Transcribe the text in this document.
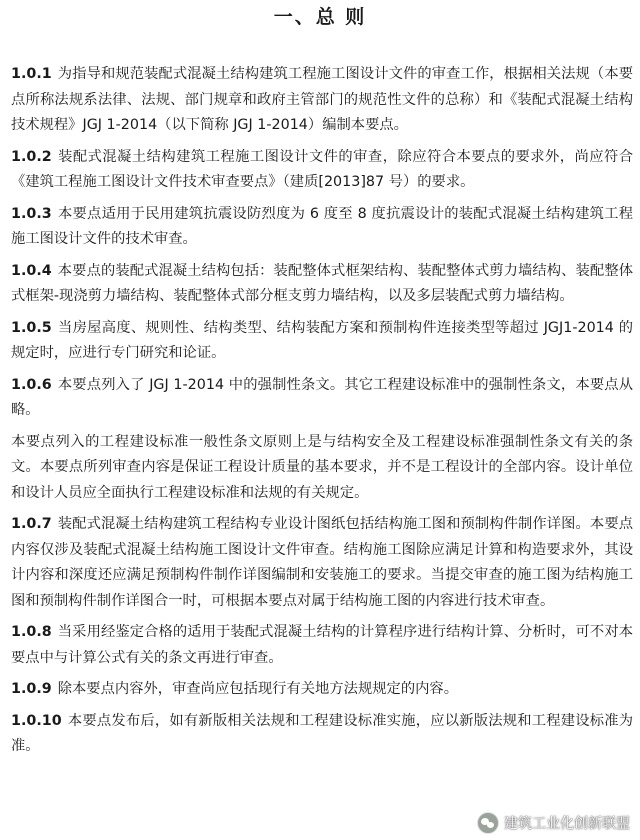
一、总 则

1.0.1 为指导和规范装配式混凝土结构建筑工程施工图设计文件的审查工作，根据相关法规（本要点所称法规系法律、法规、部门规章和政府主管部门的规范性文件的总称）和《装配式混凝土结构技术规程》JGJ 1-2014（以下简称 JGJ 1-2014）编制本要点。

1.0.2 装配式混凝土结构建筑工程施工图设计文件的审查，除应符合本要点的要求外，尚应符合《建筑工程施工图设计文件技术审查要点》（建质[2013]87 号）的要求。

1.0.3 本要点适用于民用建筑抗震设防烈度为 6 度至 8 度抗震设计的装配式混凝土结构建筑工程施工图设计文件的技术审查。

1.0.4 本要点的装配式混凝土结构包括：装配整体式框架结构、装配整体式剪力墙结构、装配整体式框架-现浇剪力墙结构、装配整体式部分框支剪力墙结构，以及多层装配式剪力墙结构。

1.0.5 当房屋高度、规则性、结构类型、结构装配方案和预制构件连接类型等超过 JGJ1-2014 的规定时，应进行专门研究和论证。

1.0.6 本要点列入了 JGJ 1-2014 中的强制性条文。其它工程建设标准中的强制性条文，本要点从略。

本要点列入的工程建设标准一般性条文原则上是与结构安全及工程建设标准强制性条文有关的条文。本要点所列审查内容是保证工程设计质量的基本要求，并不是工程设计的全部内容。设计单位和设计人员应全面执行工程建设标准和法规的有关规定。

1.0.7 装配式混凝土结构建筑工程结构专业设计图纸包括结构施工图和预制构件制作详图。本要点内容仅涉及装配式混凝土结构施工图设计文件审查。结构施工图除应满足计算和构造要求外，其设计内容和深度还应满足预制构件制作详图编制和安装施工的要求。当提交审查的施工图为结构施工图和预制构件制作详图合一时，可根据本要点对属于结构施工图的内容进行技术审查。

1.0.8 当采用经鉴定合格的适用于装配式混凝土结构的计算程序进行结构计算、分析时，可不对本要点中与计算公式有关的条文再进行审查。

1.0.9 除本要点内容外，审查尚应包括现行有关地方法规规定的内容。

1.0.10 本要点发布后，如有新版相关法规和工程建设标准实施，应以新版法规和工程建设标准为准。

建筑工业化创新联盟
